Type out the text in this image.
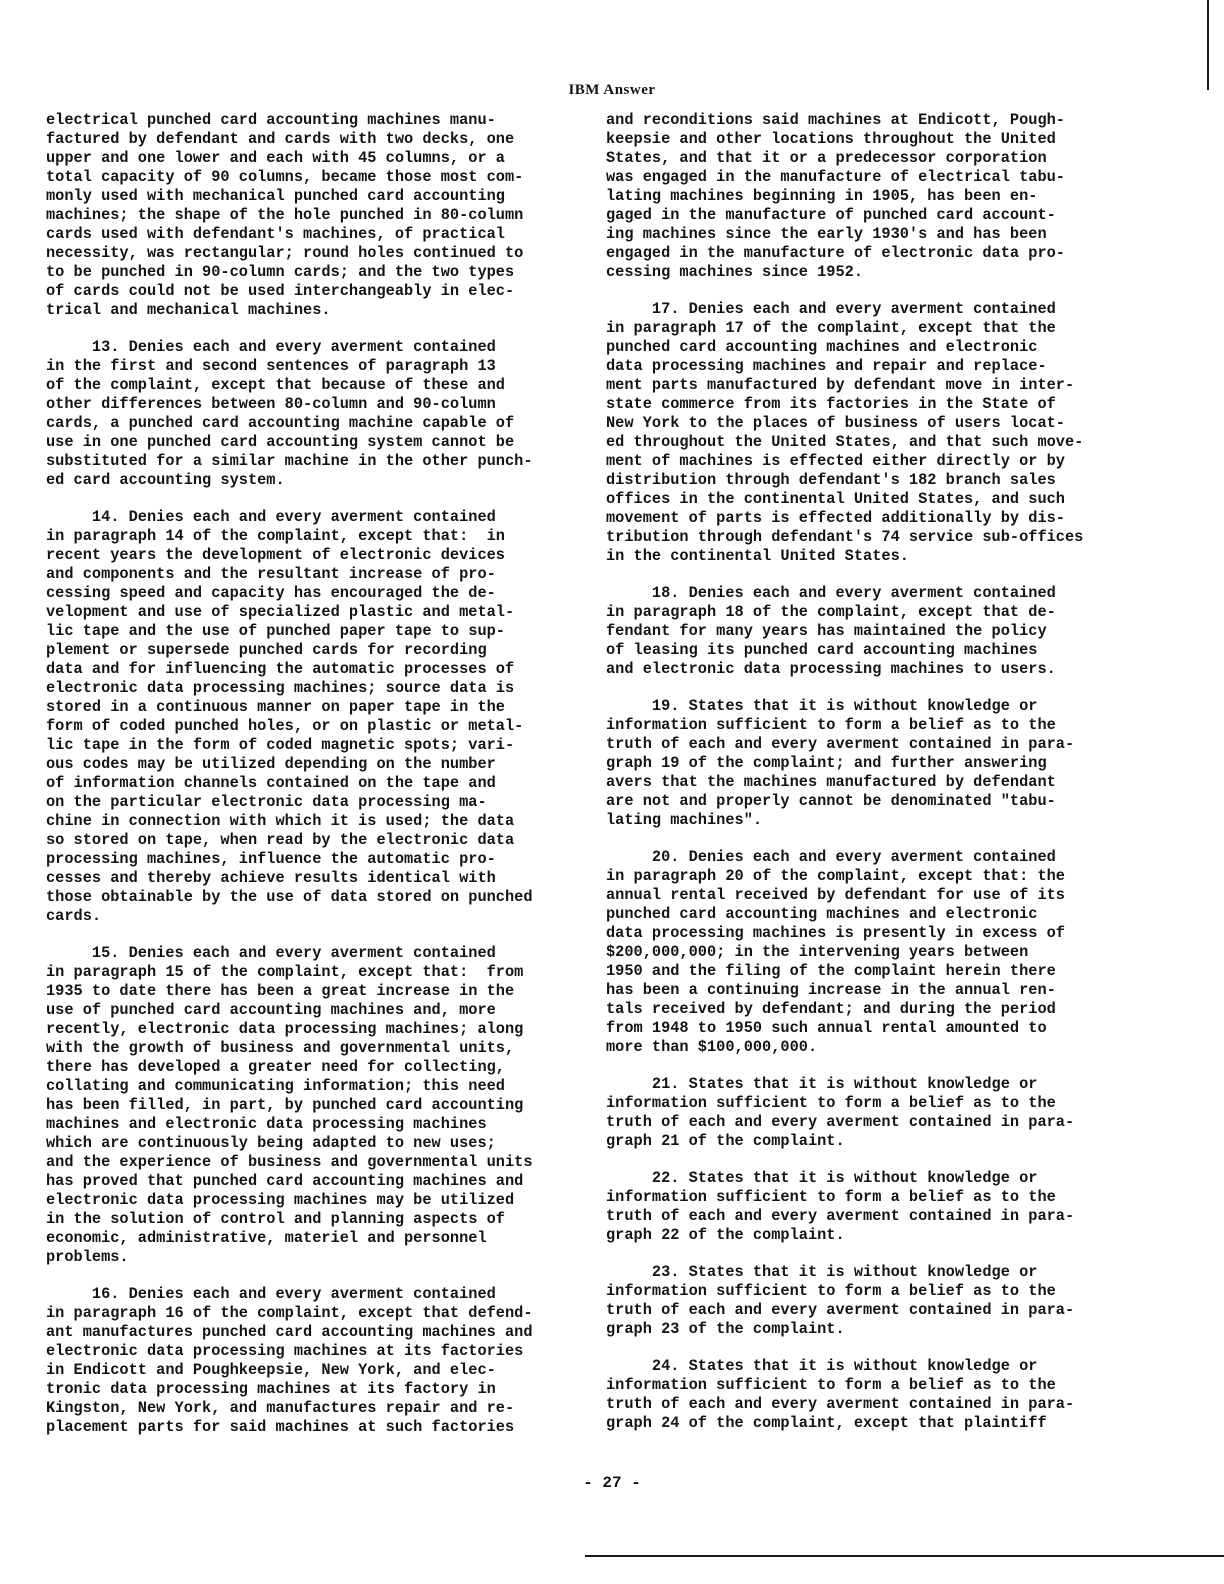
IBM Answer
electrical punched card accounting machines manu-
factured by defendant and cards with two decks, one
upper and one lower and each with 45 columns, or a
total capacity of 90 columns, became those most com-
monly used with mechanical punched card accounting
machines; the shape of the hole punched in 80-column
cards used with defendant's machines, of practical
necessity, was rectangular; round holes continued to
to be punched in 90-column cards; and the two types
of cards could not be used interchangeably in elec-
trical and mechanical machines.
13. Denies each and every averment contained
in the first and second sentences of paragraph 13
of the complaint, except that because of these and
other differences between 80-column and 90-column
cards, a punched card accounting machine capable of
use in one punched card accounting system cannot be
substituted for a similar machine in the other punch-
ed card accounting system.
14. Denies each and every averment contained
in paragraph 14 of the complaint, except that:  in
recent years the development of electronic devices
and components and the resultant increase of pro-
cessing speed and capacity has encouraged the de-
velopment and use of specialized plastic and metal-
lic tape and the use of punched paper tape to sup-
plement or supersede punched cards for recording
data and for influencing the automatic processes of
electronic data processing machines; source data is
stored in a continuous manner on paper tape in the
form of coded punched holes, or on plastic or metal-
lic tape in the form of coded magnetic spots; vari-
ous codes may be utilized depending on the number
of information channels contained on the tape and
on the particular electronic data processing ma-
chine in connection with which it is used; the data
so stored on tape, when read by the electronic data
processing machines, influence the automatic pro-
cesses and thereby achieve results identical with
those obtainable by the use of data stored on punched
cards.
15. Denies each and every averment contained
in paragraph 15 of the complaint, except that:  from
1935 to date there has been a great increase in the
use of punched card accounting machines and, more
recently, electronic data processing machines; along
with the growth of business and governmental units,
there has developed a greater need for collecting,
collating and communicating information; this need
has been filled, in part, by punched card accounting
machines and electronic data processing machines
which are continuously being adapted to new uses;
and the experience of business and governmental units
has proved that punched card accounting machines and
electronic data processing machines may be utilized
in the solution of control and planning aspects of
economic, administrative, materiel and personnel
problems.
16. Denies each and every averment contained
in paragraph 16 of the complaint, except that defend-
ant manufactures punched card accounting machines and
electronic data processing machines at its factories
in Endicott and Poughkeepsie, New York, and elec-
tronic data processing machines at its factory in
Kingston, New York, and manufactures repair and re-
placement parts for said machines at such factories
and reconditions said machines at Endicott, Pough-
keepsie and other locations throughout the United
States, and that it or a predecessor corporation
was engaged in the manufacture of electrical tabu-
lating machines beginning in 1905, has been en-
gaged in the manufacture of punched card account-
ing machines since the early 1930's and has been
engaged in the manufacture of electronic data pro-
cessing machines since 1952.
17. Denies each and every averment contained
in paragraph 17 of the complaint, except that the
punched card accounting machines and electronic
data processing machines and repair and replace-
ment parts manufactured by defendant move in inter-
state commerce from its factories in the State of
New York to the places of business of users locat-
ed throughout the United States, and that such move-
ment of machines is effected either directly or by
distribution through defendant's 182 branch sales
offices in the continental United States, and such
movement of parts is effected additionally by dis-
tribution through defendant's 74 service sub-offices
in the continental United States.
18. Denies each and every averment contained
in paragraph 18 of the complaint, except that de-
fendant for many years has maintained the policy
of leasing its punched card accounting machines
and electronic data processing machines to users.
19. States that it is without knowledge or
information sufficient to form a belief as to the
truth of each and every averment contained in para-
graph 19 of the complaint; and further answering
avers that the machines manufactured by defendant
are not and properly cannot be denominated "tabu-
lating machines".
20. Denies each and every averment contained
in paragraph 20 of the complaint, except that: the
annual rental received by defendant for use of its
punched card accounting machines and electronic
data processing machines is presently in excess of
$200,000,000; in the intervening years between
1950 and the filing of the complaint herein there
has been a continuing increase in the annual ren-
tals received by defendant; and during the period
from 1948 to 1950 such annual rental amounted to
more than $100,000,000.
21. States that it is without knowledge or
information sufficient to form a belief as to the
truth of each and every averment contained in para-
graph 21 of the complaint.
22. States that it is without knowledge or
information sufficient to form a belief as to the
truth of each and every averment contained in para-
graph 22 of the complaint.
23. States that it is without knowledge or
information sufficient to form a belief as to the
truth of each and every averment contained in para-
graph 23 of the complaint.
24. States that it is without knowledge or
information sufficient to form a belief as to the
truth of each and every averment contained in para-
graph 24 of the complaint, except that plaintiff
- 27 -
